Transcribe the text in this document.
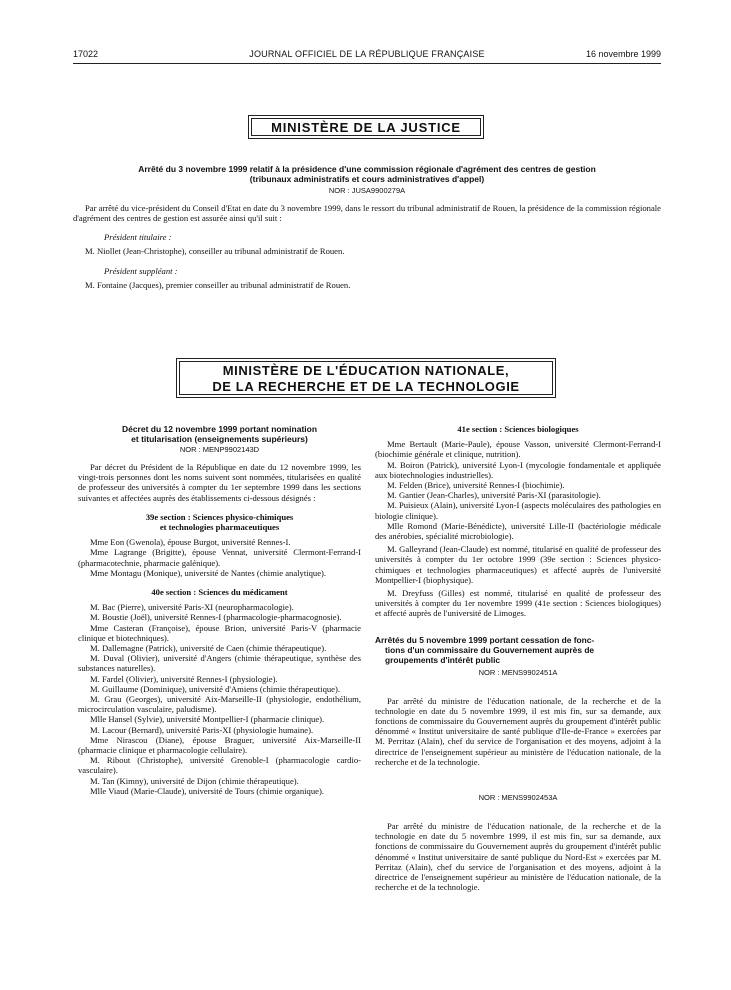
17022	JOURNAL OFFICIEL DE LA RÉPUBLIQUE FRANÇAISE	16 novembre 1999
MINISTÈRE DE LA JUSTICE
Arrêté du 3 novembre 1999 relatif à la présidence d'une commission régionale d'agrément des centres de gestion
(tribunaux administratifs et cours administratives d'appel)
NOR : JUSA9900279A
Par arrêté du vice-président du Conseil d'Etat en date du 3 novembre 1999, dans le ressort du tribunal administratif de Rouen, la présidence de la commission régionale d'agrément des centres de gestion est assurée ainsi qu'il suit :
Président titulaire :
M. Niollet (Jean-Christophe), conseiller au tribunal administratif de Rouen.
Président suppléant :
M. Fontaine (Jacques), premier conseiller au tribunal administratif de Rouen.
MINISTÈRE DE L'ÉDUCATION NATIONALE,
DE LA RECHERCHE ET DE LA TECHNOLOGIE
Décret du 12 novembre 1999 portant nomination
et titularisation (enseignements supérieurs)
NOR : MENP9902143D
Par décret du Président de la République en date du 12 novembre 1999, les vingt-trois personnes dont les noms suivent sont nommées, titularisées en qualité de professeur des universités à compter du 1er septembre 1999 dans les sections suivantes et affectées auprès des établissements ci-dessous désignés :
39e section : Sciences physico-chimiques
et technologies pharmaceutiques
Mme Eon (Gwenola), épouse Burgot, université Rennes-I.
Mme Lagrange (Brigitte), épouse Vennat, université Clermont-Ferrand-I (pharmacotechnie, pharmacie galénique).
Mme Montagu (Monique), université de Nantes (chimie analytique).
40e section : Sciences du médicament
M. Bac (Pierre), université Paris-XI (neuropharmacologie).
M. Boustie (Joël), université Rennes-I (pharmacologie-pharmacognosie).
Mme Casteran (Françoise), épouse Brion, université Paris-V (pharmacie clinique et biotechniques).
M. Dallemagne (Patrick), université de Caen (chimie thérapeutique).
M. Duval (Olivier), université d'Angers (chimie thérapeutique, synthèse des substances naturelles).
M. Fardel (Olivier), université Rennes-I (physiologie).
M. Guillaume (Dominique), université d'Amiens (chimie thérapeutique).
M. Grau (Georges), université Aix-Marseille-II (physiologie, endothélium, microcirculation vasculaire, paludisme).
Mlle Hansel (Sylvie), université Montpellier-I (pharmacie clinique).
M. Lacour (Bernard), université Paris-XI (physiologie humaine).
Mme Nirascou (Diane), épouse Braguer, université Aix-Marseille-II (pharmacie clinique et pharmacologie cellulaire).
M. Ribout (Christophe), université Grenoble-I (pharmacologie cardio-vasculaire).
M. Tan (Kimny), université de Dijon (chimie thérapeutique).
Mlle Viaud (Marie-Claude), université de Tours (chimie organique).
41e section : Sciences biologiques
Mme Bertault (Marie-Paule), épouse Vasson, université Clermont-Ferrand-I (biochimie générale et clinique, nutrition).
M. Boiron (Patrick), université Lyon-I (mycologie fondamentale et appliquée aux biotechnologies industrielles).
M. Felden (Brice), université Rennes-I (biochimie).
M. Gantier (Jean-Charles), université Paris-XI (parasitologie).
M. Puisieux (Alain), université Lyon-I (aspects moléculaires des pathologies en biologie clinique).
Mlle Romond (Marie-Bénédicte), université Lille-II (bactériologie médicale des anérobies, spécialité microbiologie).
M. Galleyrand (Jean-Claude) est nommé, titularisé en qualité de professeur des universités à compter du 1er octobre 1999 (39e section : Sciences physico-chimiques et technologies pharmaceutiques) et affecté auprès de l'université Montpellier-I (biophysique).
M. Dreyfuss (Gilles) est nommé, titularisé en qualité de professeur des universités à compter du 1er novembre 1999 (41e section : Sciences biologiques) et affecté auprès de l'université de Limoges.
Arrêtés du 5 novembre 1999 portant cessation de fonc-
tions d'un commissaire du Gouvernement auprès de
groupements d'intérêt public
NOR : MENS9902451A
Par arrêté du ministre de l'éducation nationale, de la recherche et de la technologie en date du 5 novembre 1999, il est mis fin, sur sa demande, aux fonctions de commissaire du Gouvernement auprès du groupement d'intérêt public dénommé « Institut universitaire de santé publique d'Ile-de-France » exercées par M. Perritaz (Alain), chef du service de l'organisation et des moyens, adjoint à la directrice de l'enseignement supérieur au ministère de l'éducation nationale, de la recherche et de la technologie.
NOR : MENS9902453A
Par arrêté du ministre de l'éducation nationale, de la recherche et de la technologie en date du 5 novembre 1999, il est mis fin, sur sa demande, aux fonctions de commissaire du Gouvernement auprès du groupement d'intérêt public dénommé « Institut universitaire de santé publique du Nord-Est » exercées par M. Perritaz (Alain), chef du service de l'organisation et des moyens, adjoint à la directrice de l'enseignement supérieur au ministère de l'éducation nationale, de la recherche et de la technologie.
